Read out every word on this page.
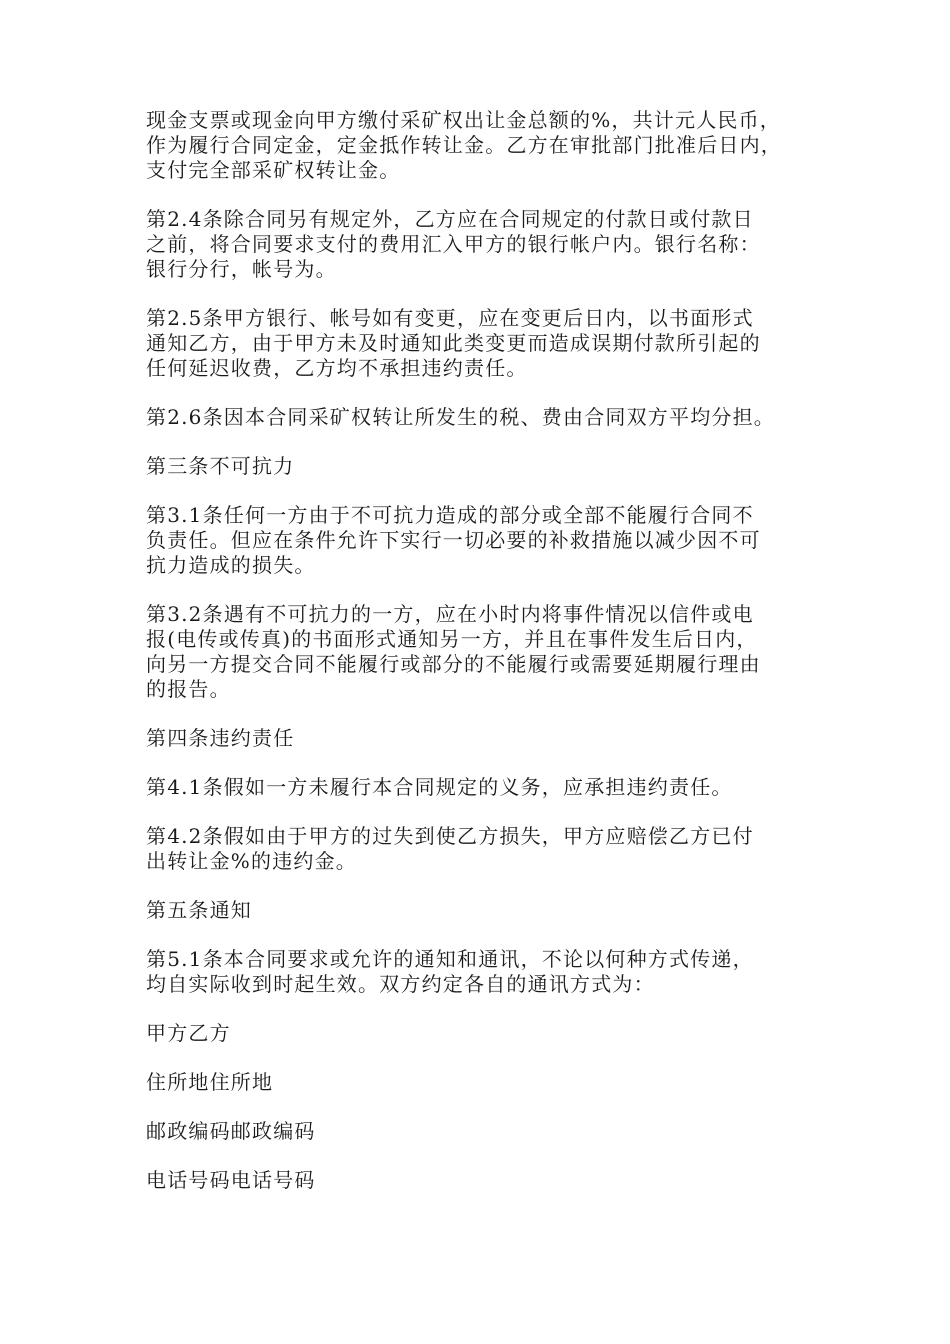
现金支票或现金向甲方缴付采矿权出让金总额的%，共计元人民币，
作为履行合同定金，定金抵作转让金。乙方在审批部门批准后日内，
支付完全部采矿权转让金。

第2.4条除合同另有规定外，乙方应在合同规定的付款日或付款日
之前，将合同要求支付的费用汇入甲方的银行帐户内。银行名称：
银行分行，帐号为。

第2.5条甲方银行、帐号如有变更，应在变更后日内，以书面形式
通知乙方，由于甲方未及时通知此类变更而造成误期付款所引起的
任何延迟收费，乙方均不承担违约责任。

第2.6条因本合同采矿权转让所发生的税、费由合同双方平均分担。

第三条不可抗力

第3.1条任何一方由于不可抗力造成的部分或全部不能履行合同不
负责任。但应在条件允许下实行一切必要的补救措施以减少因不可
抗力造成的损失。

第3.2条遇有不可抗力的一方，应在小时内将事件情况以信件或电
报(电传或传真)的书面形式通知另一方，并且在事件发生后日内，
向另一方提交合同不能履行或部分的不能履行或需要延期履行理由
的报告。

第四条违约责任

第4.1条假如一方未履行本合同规定的义务，应承担违约责任。

第4.2条假如由于甲方的过失到使乙方损失，甲方应赔偿乙方已付
出转让金%的违约金。

第五条通知

第5.1条本合同要求或允许的通知和通讯，不论以何种方式传递，
均自实际收到时起生效。双方约定各自的通讯方式为：

甲方乙方

住所地住所地

邮政编码邮政编码

电话号码电话号码
